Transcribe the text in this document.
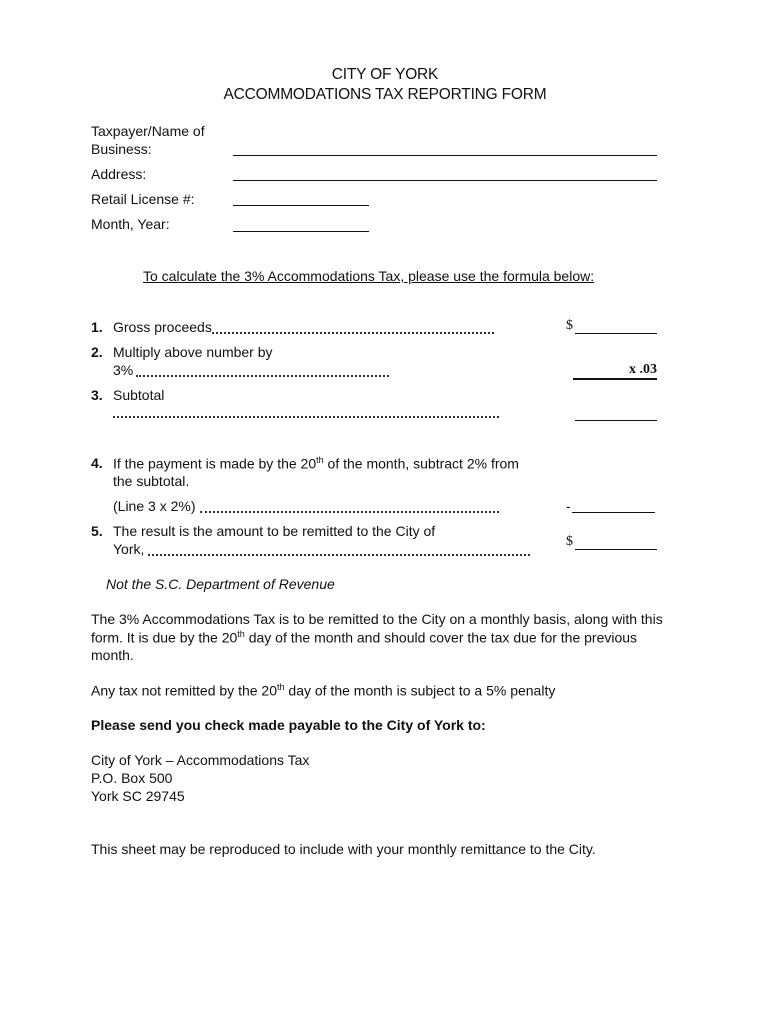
CITY OF YORK
ACCOMMODATIONS TAX REPORTING FORM
Taxpayer/Name of
Business:
Address:
Retail License #:
Month, Year:
To calculate the 3% Accommodations Tax, please use the formula below:
1. Gross proceeds	$
2. Multiply above number by
3%	x .03
3. Subtotal
4. If the payment is made by the 20th of the month, subtract 2% from
the subtotal.
(Line 3 x 2%)	-
5. The result is the amount to be remitted to the City of
York,	$
Not the S.C. Department of Revenue
The 3% Accommodations Tax is to be remitted to the City on a monthly basis, along with this
form. It is due by the 20th day of the month and should cover the tax due for the previous
month.
Any tax not remitted by the 20th day of the month is subject to a 5% penalty
Please send you check made payable to the City of York to:
City of York – Accommodations Tax
P.O. Box 500
York SC 29745
This sheet may be reproduced to include with your monthly remittance to the City.
